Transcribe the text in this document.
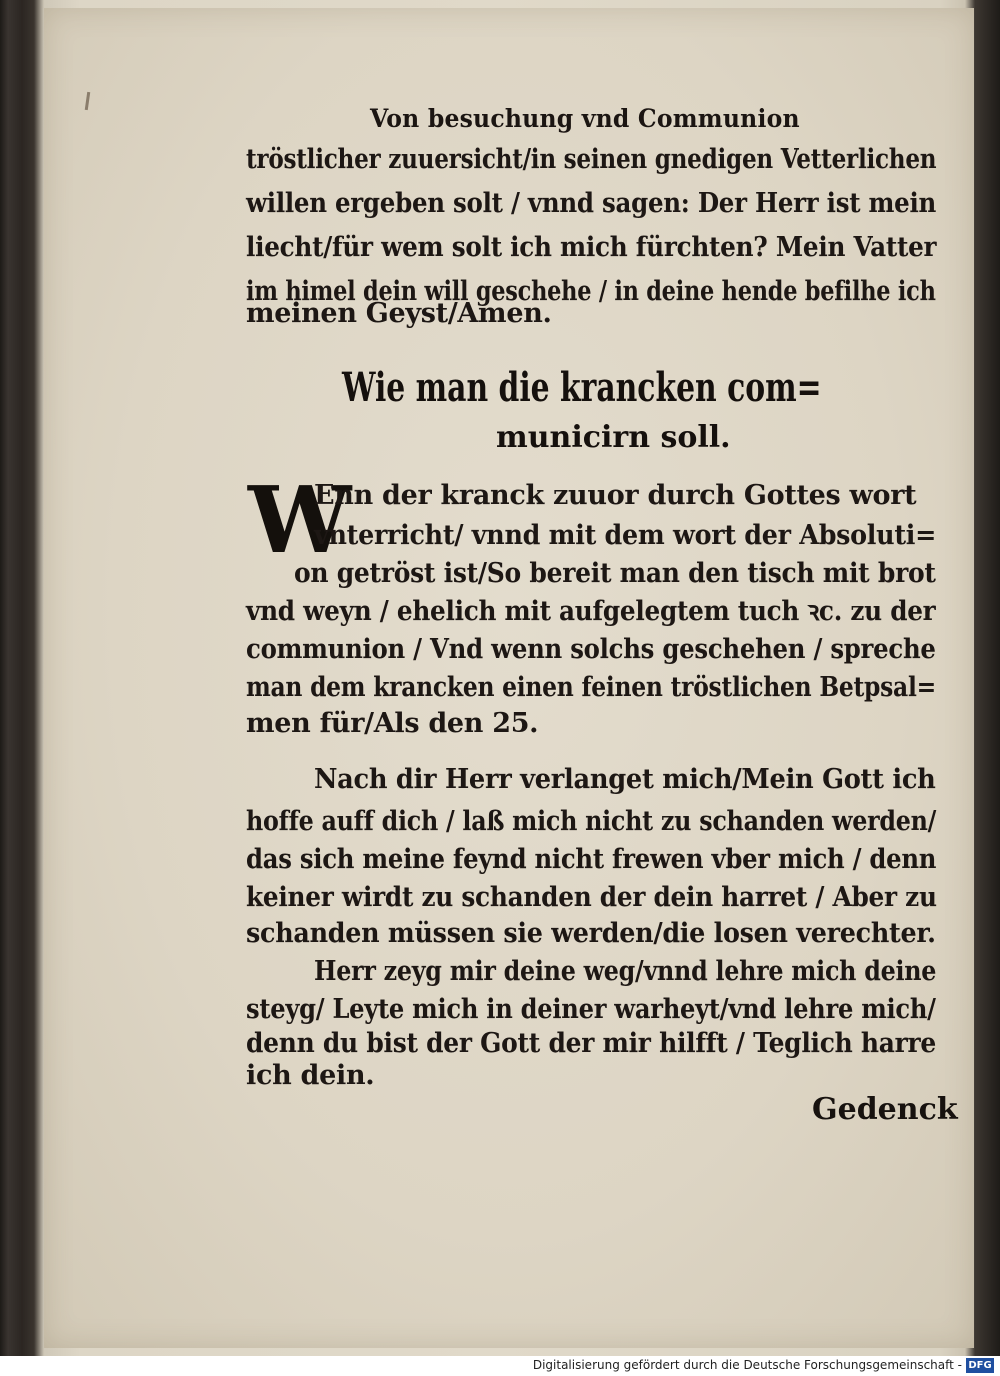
Von besuchung vnd Communion
tröstlicher zuuersicht/in seinen gnedigen Vetterlichen
willen ergeben solt / vnnd sagen: Der Herr ist mein
liecht/für wem solt ich mich fürchten? Mein Vatter
im himel dein will geschehe / in deine hende befilhe ich
meinen Geyst/Amen.
Wie man die krancken com=
municirn soll.
W
Enn der kranck zuuor durch Gottes wort
vnterricht/ vnnd mit dem wort der Absoluti=
on getröst ist/So bereit man den tisch mit brot
vnd weyn / ehelich mit aufgelegtem tuch ꝛc. zu der
communion / Vnd wenn solchs geschehen / spreche
man dem krancken einen feinen tröstlichen Betpsal=
men für/Als den 25.
Nach dir Herr verlanget mich/Mein Gott ich
hoffe auff dich / laß mich nicht zu schanden werden/
das sich meine feynd nicht frewen vber mich / denn
keiner wirdt zu schanden der dein harret / Aber zu
schanden müssen sie werden/die losen verechter.
Herr zeyg mir deine weg/vnnd lehre mich deine
steyg/ Leyte mich in deiner warheyt/vnd lehre mich/
denn du bist der Gott der mir hilfft / Teglich harre
ich dein.
Gedenck
Digitalisierung gefördert durch die Deutsche Forschungsgemeinschaft - DFG
